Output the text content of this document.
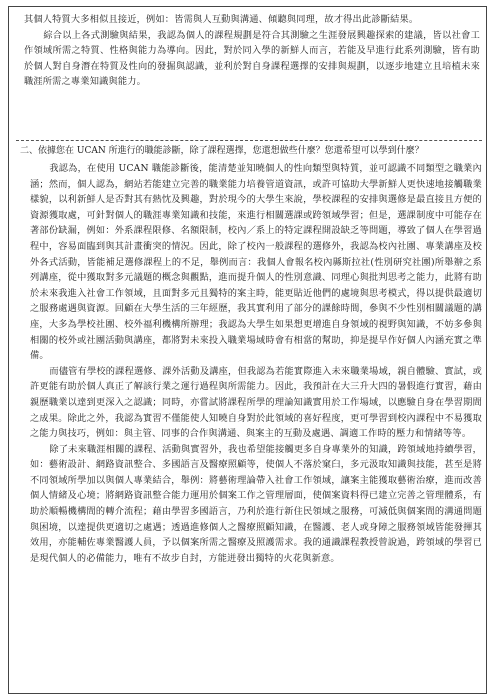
其個人特質大多相似且接近，例如：皆需與人互動與溝通、傾聽與同理，故才得出此診斷結果。

綜合以上各式測驗與結果，我認為個人的課程規劃是符合其測驗之生涯發展興趣探索的建議，皆以社會工作領域所需之特質、性格與能力為導向。因此，對於同入學的新鮮人而言，若能及早進行此系列測驗，皆有助於個人對自身潛在特質及性向的發掘與認識，並利於對自身課程選擇的安排與規劃，以逐步地建立且培植未來職涯所需之專業知識與能力。

二、依據您在 UCAN 所進行的職能診斷，除了課程選擇，您還想做些什麼？您還希望可以學到什麼？

我認為，在使用 UCAN 職能診斷後，能清楚並知曉個人的性向類型與特質，並可認識不同類型之職業內涵；然而，個人認為，網站若能建立完善的職業能力培養管道資訊，或許可協助大學新鮮人更快速地接觸職業樣貌，以利新鮮人是否對其有熱忱及興趣，對於現今的大學生來說，學校課程的安排與選修是最直接且方便的資源獲取處，可針對個人的職涯專業知識和技能，來進行相關選課或跨領域學習；但是，選課制度中可能存在著部份缺漏，例如：外系課程限修、名額限制，校內／系上的特定課程開設缺乏等問題，導致了個人在學習過程中，容易面臨到與其計畫衝突的情況。因此，除了校內一般課程的選修外，我認為校內社團、專業講座及校外各式活動，皆能補足選修課程上的不足，舉例而言：我個人會報名校內縣斯拉社(性別研究社團)所舉辦之系列講座，從中獲取對多元議題的概念與觀點，進而提升個人的性別意識、同理心與批判思考之能力，此將有助於未來我進入社會工作領域，且面對多元且獨特的案主時，能更貼近他們的處境與思考模式，得以提供最適切之服務處遇與資源。回顧在大學生活的三年經歷，我其實利用了部分的課餘時間，參與不少性別相關議題的講座，大多為學校社團、校外福利機構所辦理；我認為大學生如果想更增進自身領域的視野與知識，不妨多參與相關的校外或社團活動與講座，都將對未來投入職業場域時會有相當的幫助，抑是提早作好個人內涵充實之準備。

而儘管有學校的課程選修、課外活動及講座，但我認為若能實際進入未來職業場域，親自體驗、實試，或許更能有助於個人真正了解該行業之運行過程與所需能力。因此，我預計在大三升大四的暑假進行實習，藉由親歷職業以達到更深入之認識；同時，亦嘗試將課程所學的理論知識實用於工作場域，以應驗自身在學習期間之成果。除此之外，我認為實習不僅能使人知曉自身對於此領域的喜好程度，更可學習到校內課程中不易獲取之能力與技巧，例如：與主管、同事的合作與溝通、與案主的互動及處遇、調適工作時的壓力和情緒等等。

除了未來職涯相關的課程、活動與實習外，我也希望能接觸更多自身專業外的知識，跨領域地持續學習，如：藝術設計、網路資訊整合、多國語言及醫療照顧等，使個人不落於窠臼，多元汲取知識與技能，甚至是將不同領域所學加以與個人專業結合，舉例：將藝術理論帶入社會工作領域，讓案主能獲取藝術治療，進而改善個人情緒及心境；將網路資訊整合能力運用於個案工作之管理層面，使個案資料得已建立完善之管理體系，有助於順暢機構間的轉介流程；藉由學習多國語言，乃利於進行新住民領域之服務，可減低與個案間的溝通問題與困境，以達提供更適切之處遇；透過進修個人之醫療照顧知識，在醫護、老人或身障之服務領域皆能發揮其效用，亦能輔佐專業醫護人員，予以個案所需之醫療及照護需求。我的通識課程教授曾說過，跨領域的學習已是現代個人的必備能力，唯有不故步自封，方能迸發出獨特的火花與新意。
